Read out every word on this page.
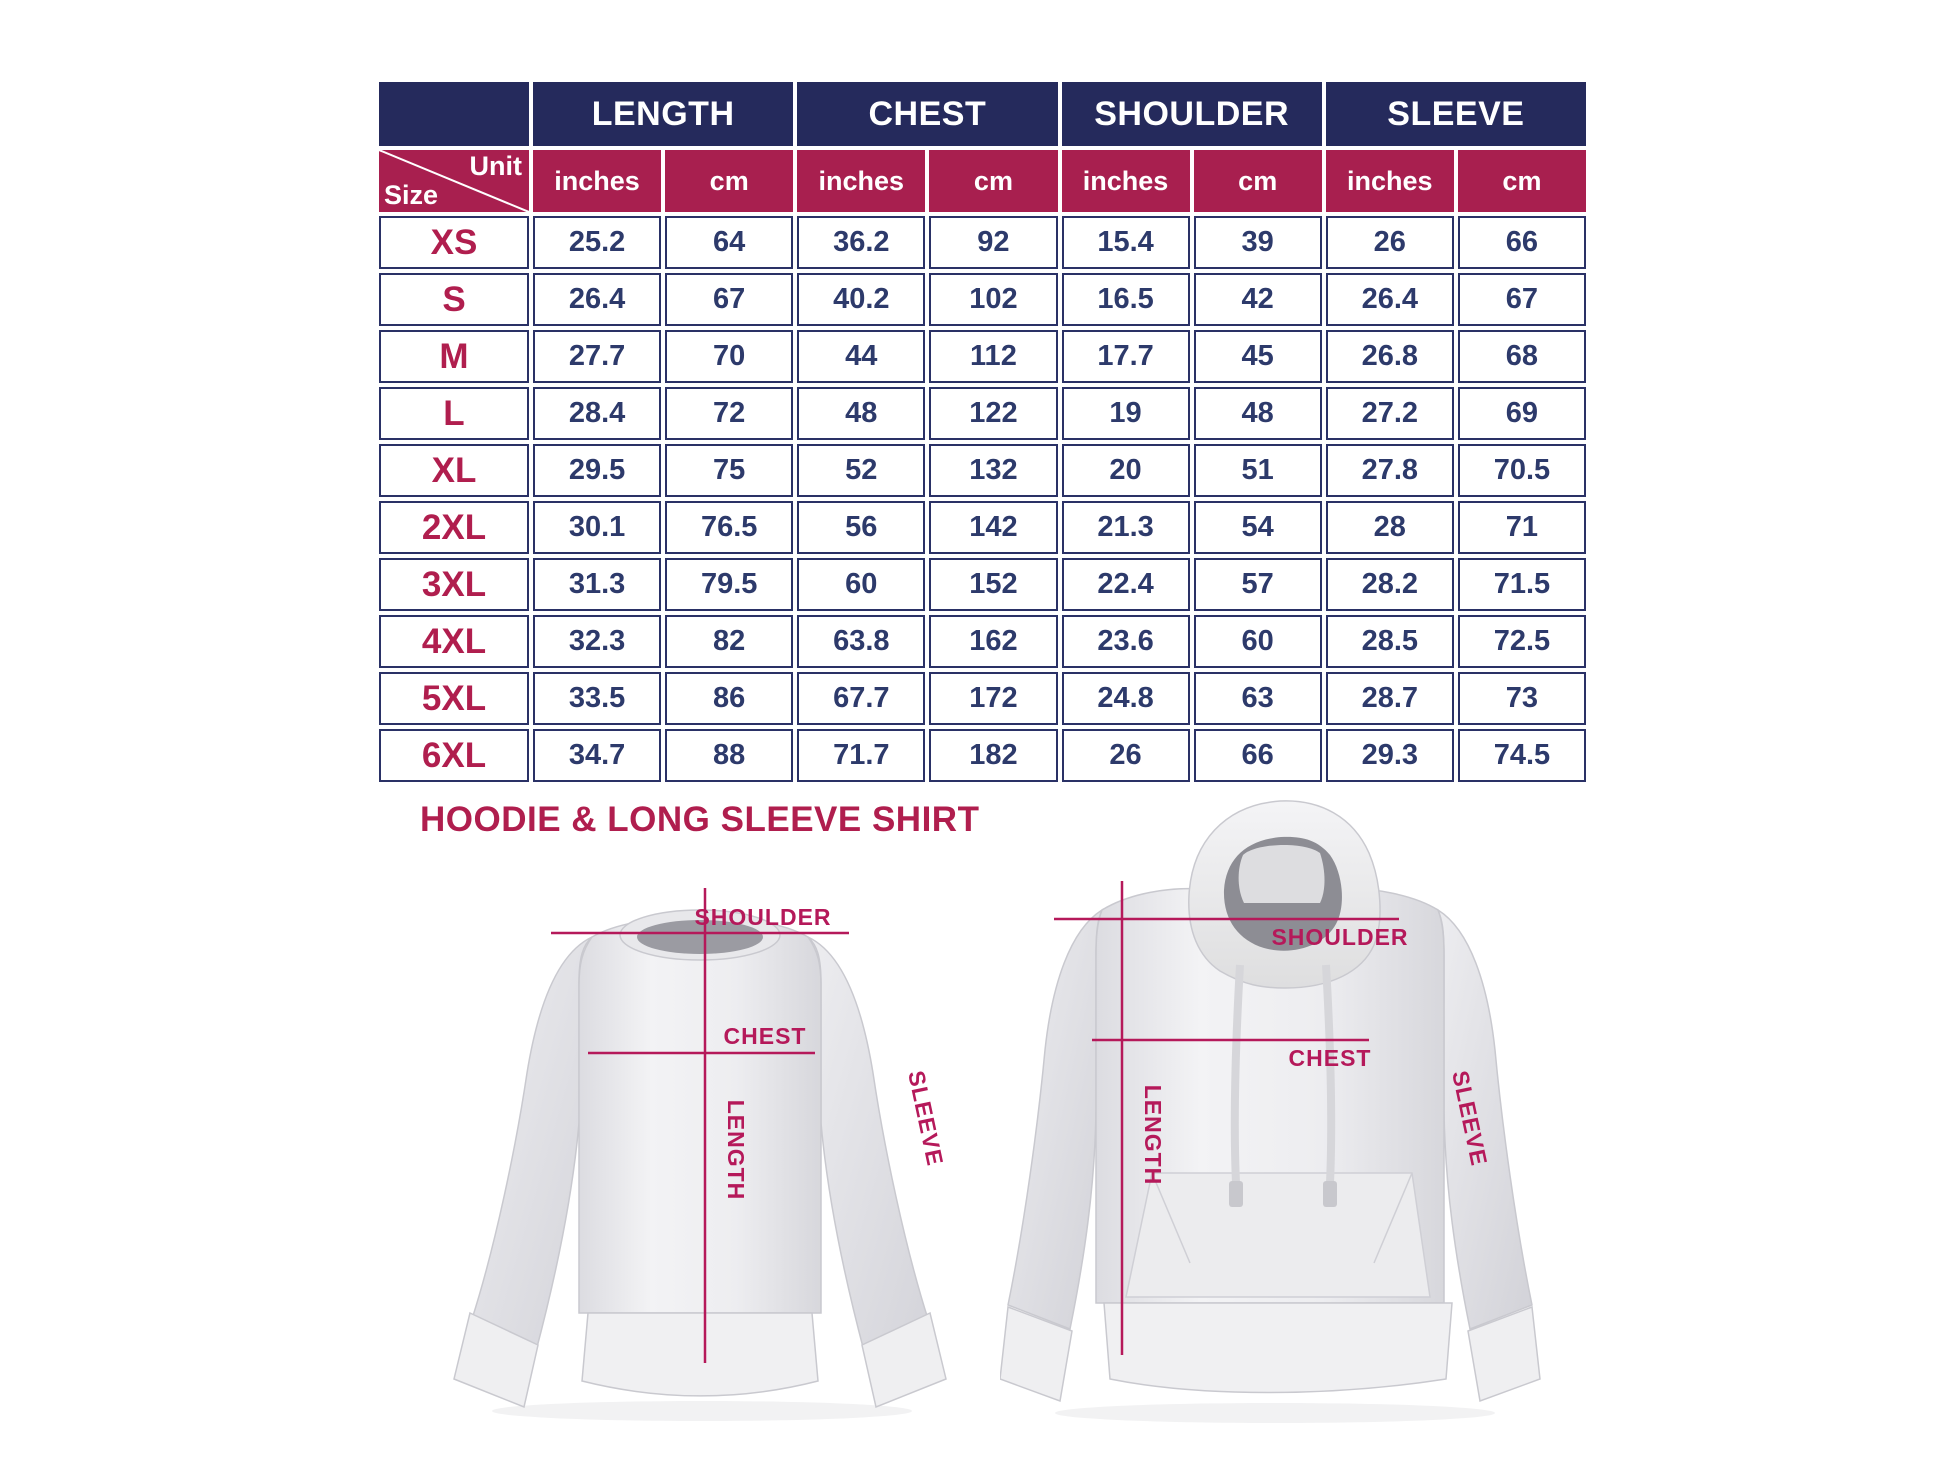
	LENGTH		CHEST		SHOULDER		SLEEVE	

Unit
Size	inches	cm	inches	cm	inches	cm	inches	cm
XS	25.2	64	36.2	92	15.4	39	26	66
S	26.4	67	40.2	102	16.5	42	26.4	67
M	27.7	70	44	112	17.7	45	26.8	68
L	28.4	72	48	122	19	48	27.2	69
XL	29.5	75	52	132	20	51	27.8	70.5
2XL	30.1	76.5	56	142	21.3	54	28	71
3XL	31.3	79.5	60	152	22.4	57	28.2	71.5
4XL	32.3	82	63.8	162	23.6	60	28.5	72.5
5XL	33.5	86	67.7	172	24.8	63	28.7	73
6XL	34.7	88	71.7	182	26	66	29.3	74.5
HOODIE & LONG SLEEVE SHIRT
SHOULDER
CHEST
LENGTH	SLEEVE
SHOULDER
CHEST
LENGTH	SLEEVE
